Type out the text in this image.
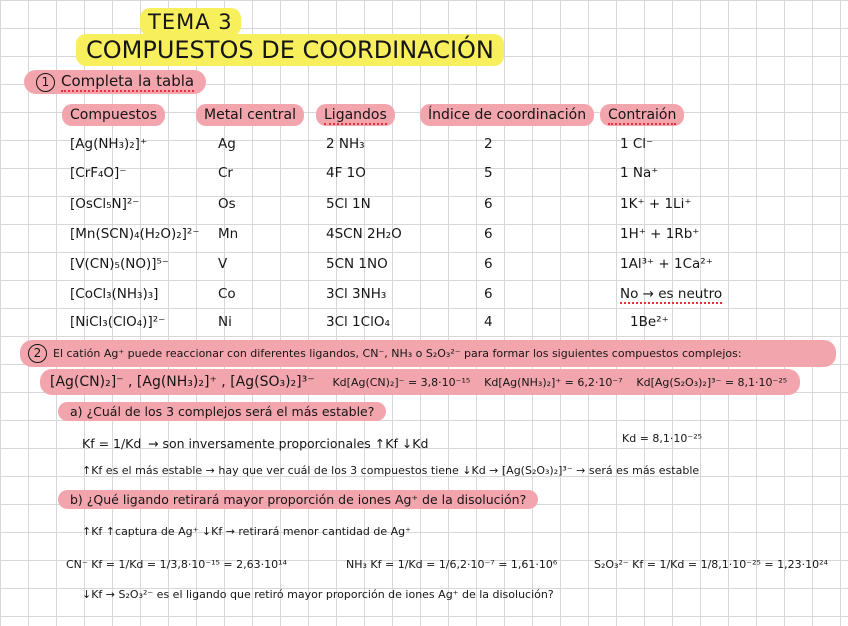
TEMA 3
COMPUESTOS DE COORDINACIÓN
1 Completa la tabla
Compuestos	Metal central	Ligandos	Índice de coordinación	Contraión
[Ag(NH₃)₂]⁺	Ag	2 NH₃	2	1 Cl⁻
[CrF₄O]⁻	Cr	4F 1O	5	1 Na⁺
[OsCl₅N]²⁻	Os	5Cl 1N	6	1K⁺ + 1Li⁺
[Mn(SCN)₄(H₂O)₂]²⁻ Mn	4SCN 2H₂O	6	1H⁺ + 1Rb⁺
[V(CN)₅(NO)]⁵⁻	V	5CN 1NO	6	1Al³⁺ + 1Ca²⁺
[CoCl₃(NH₃)₃]	Co	3Cl 3NH₃	6	No → es neutro
[NiCl₃(ClO₄)]²⁻	Ni	3Cl 1ClO₄	4	1Be²⁺
2 El catión Ag⁺ puede reaccionar con diferentes ligandos, CN⁻, NH₃ o S₂O₃²⁻ para formar los siguientes compuestos complejos:
[Ag(CN)₂]⁻ , [Ag(NH₃)₂]⁺ , [Ag(SO₃)₂]³⁻ Kd[Ag(CN)₂]⁻ = 3,8·10⁻¹⁵ Kd[Ag(NH₃)₂]⁺ = 6,2·10⁻⁷ Kd[Ag(S₂O₃)₂]³⁻ = 8,1·10⁻²⁵
a) ¿Cuál de los 3 complejos será el más estable?
Kf = 1/Kd → son inversamente proporcionales ↑Kf ↓Kd	Kd = 8,1·10⁻²⁵
↑Kf es el más estable → hay que ver cuál de los 3 compuestos tiene ↓Kd → [Ag(S₂O₃)₂]³⁻ → será es más estable
b) ¿Qué ligando retirará mayor proporción de iones Ag⁺ de la disolución?
↑Kf ↑captura de Ag⁺ ↓Kf → retirará menor cantidad de Ag⁺
CN⁻ Kf = 1/Kd = 1/3,8·10⁻¹⁵ = 2,63·10¹⁴	NH₃ Kf = 1/Kd = 1/6,2·10⁻⁷ = 1,61·10⁶	S₂O₃²⁻ Kf = 1/Kd = 1/8,1·10⁻²⁵ = 1,23·10²⁴
↓Kf → S₂O₃²⁻ es el ligando que retiró mayor proporción de iones Ag⁺ de la disolución?
